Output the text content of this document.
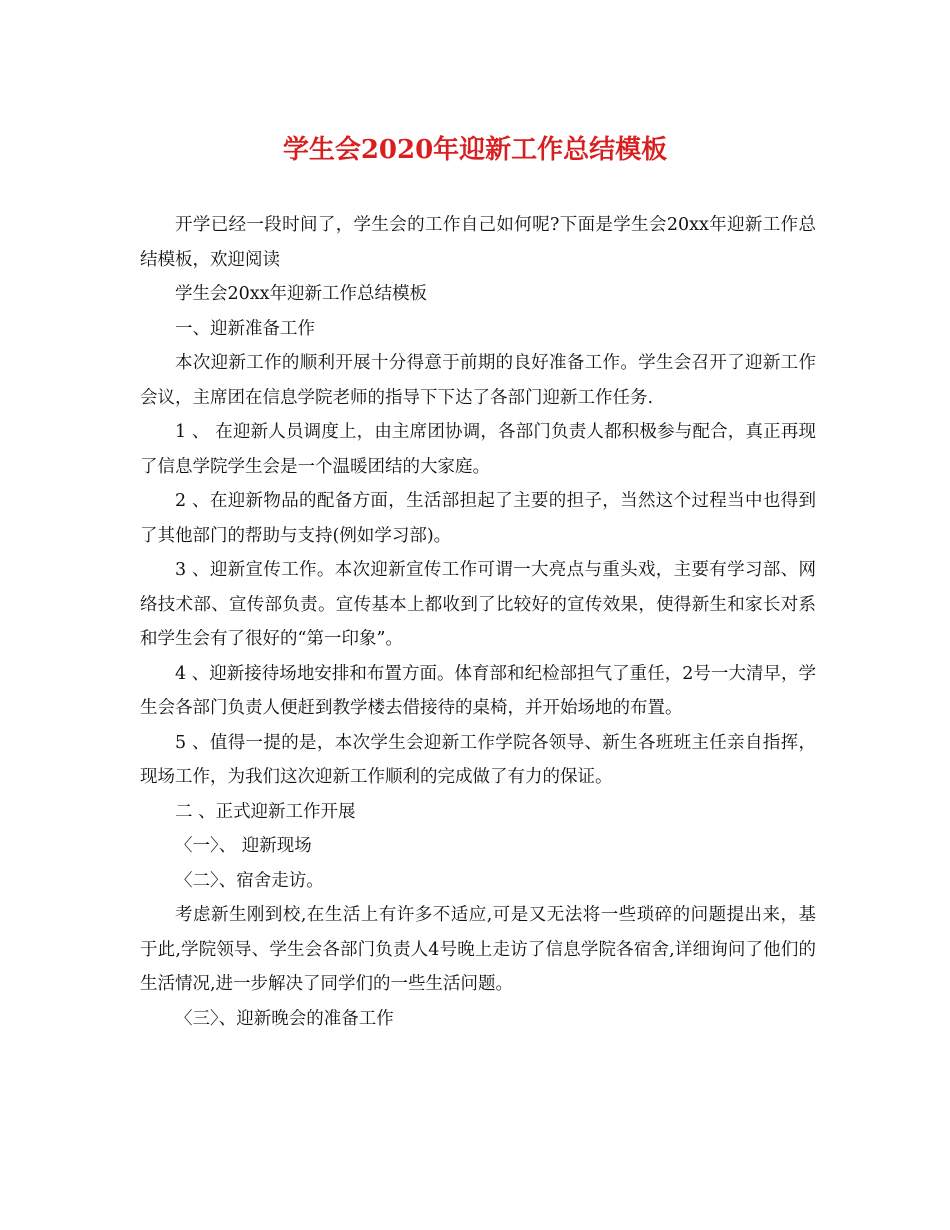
学生会2020年迎新工作总结模板

开学已经一段时间了，学生会的工作自己如何呢?下面是学生会20xx年迎新工作总结模板，欢迎阅读

学生会20xx年迎新工作总结模板

一、迎新准备工作

本次迎新工作的顺利开展十分得意于前期的良好准备工作。学生会召开了迎新工作会议，主席团在信息学院老师的指导下下达了各部门迎新工作任务.

1 、 在迎新人员调度上，由主席团协调，各部门负责人都积极参与配合，真正再现了信息学院学生会是一个温暖团结的大家庭。

2 、在迎新物品的配备方面，生活部担起了主要的担子，当然这个过程当中也得到了其他部门的帮助与支持(例如学习部)。

3 、迎新宣传工作。本次迎新宣传工作可谓一大亮点与重头戏，主要有学习部、网络技术部、宣传部负责。宣传基本上都收到了比较好的宣传效果，使得新生和家长对系和学生会有了很好的“第一印象”。

4 、迎新接待场地安排和布置方面。体育部和纪检部担气了重任，2号一大清早，学生会各部门负责人便赶到教学楼去借接待的桌椅，并开始场地的布置。

5 、值得一提的是，本次学生会迎新工作学院各领导、新生各班班主任亲自指挥，现场工作，为我们这次迎新工作顺利的完成做了有力的保证。

二 、正式迎新工作开展

〈一〉、 迎新现场

〈二〉、宿舍走访。

考虑新生刚到校,在生活上有许多不适应,可是又无法将一些琐碎的问题提出来，基于此,学院领导、学生会各部门负责人4号晚上走访了信息学院各宿舍,详细询问了他们的生活情况,进一步解决了同学们的一些生活问题。

〈三〉、迎新晚会的准备工作
